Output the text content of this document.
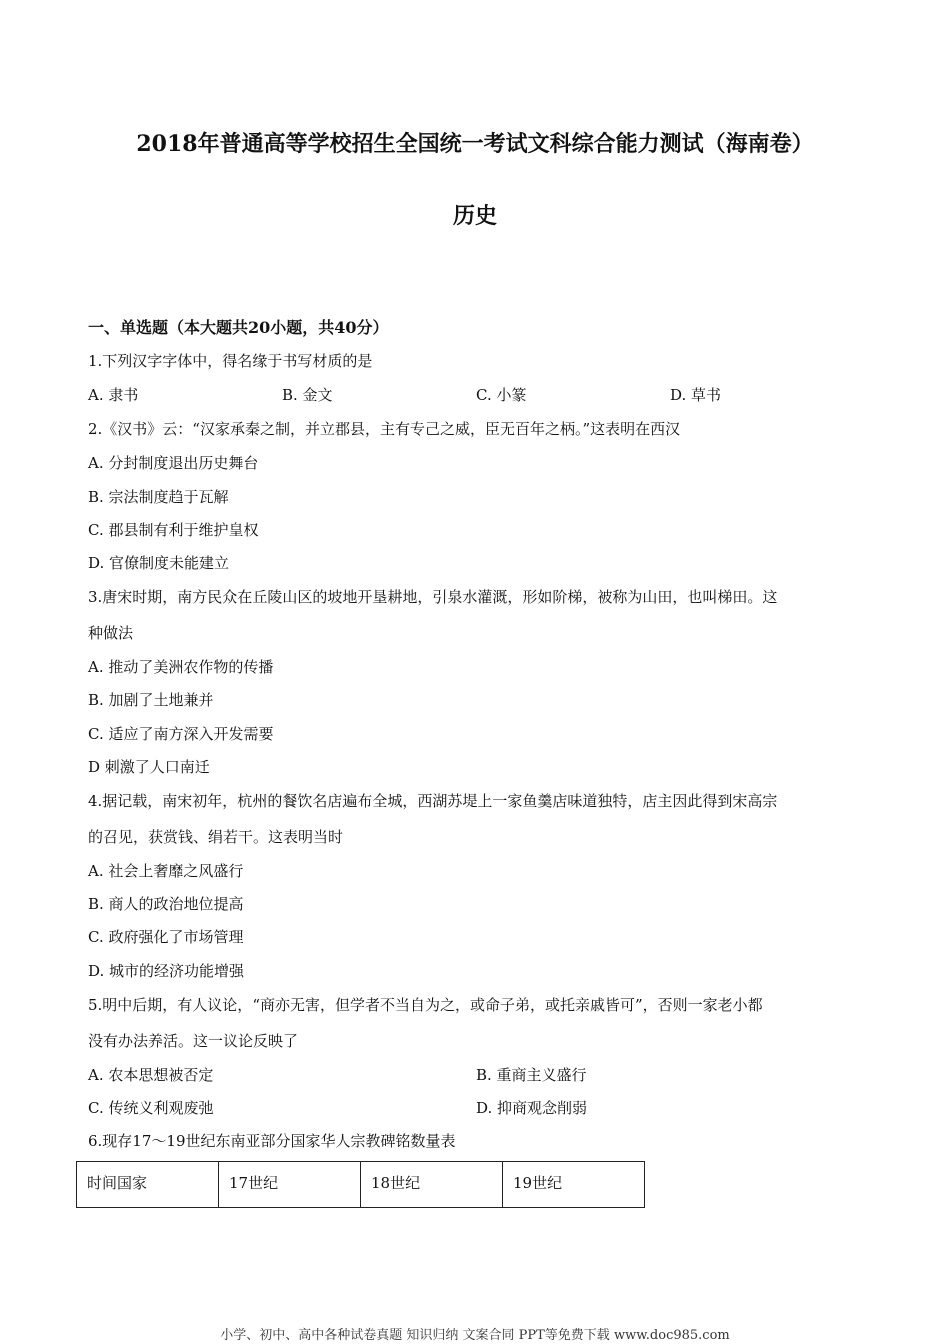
2018年普通高等学校招生全国统一考试文科综合能力测试（海南卷）
历史
一、单选题（本大题共20小题，共40分）
1.下列汉字字体中，得名缘于书写材质的是
A. 隶书	B. 金文	C. 小篆	D. 草书
2.《汉书》云：“汉家承秦之制，并立郡县，主有专己之威，臣无百年之柄。”这表明在西汉
A. 分封制度退出历史舞台
B. 宗法制度趋于瓦解
C. 郡县制有利于维护皇权
D. 官僚制度未能建立
3.唐宋时期，南方民众在丘陵山区的坡地开垦耕地，引泉水灌溉，形如阶梯，被称为山田，也叫梯田。这
种做法
A. 推动了美洲农作物的传播
B. 加剧了土地兼并
C. 适应了南方深入开发需要
D 刺激了人口南迁
4.据记载，南宋初年，杭州的餐饮名店遍布全城，西湖苏堤上一家鱼羹店味道独特，店主因此得到宋高宗
的召见，获赏钱、绢若干。这表明当时
A. 社会上奢靡之风盛行
B. 商人的政治地位提高
C. 政府强化了市场管理
D. 城市的经济功能增强
5.明中后期，有人议论，“商亦无害，但学者不当自为之，或命子弟，或托亲戚皆可”，否则一家老小都
没有办法养活。这一议论反映了
A. 农本思想被否定	B. 重商主义盛行
C. 传统义利观废弛	D. 抑商观念削弱
6.现存17～19世纪东南亚部分国家华人宗教碑铭数量表
时间国家	17世纪	18世纪	19世纪
小学、初中、高中各种试卷真题 知识归纳 文案合同 PPT等免费下载 www.doc985.com
